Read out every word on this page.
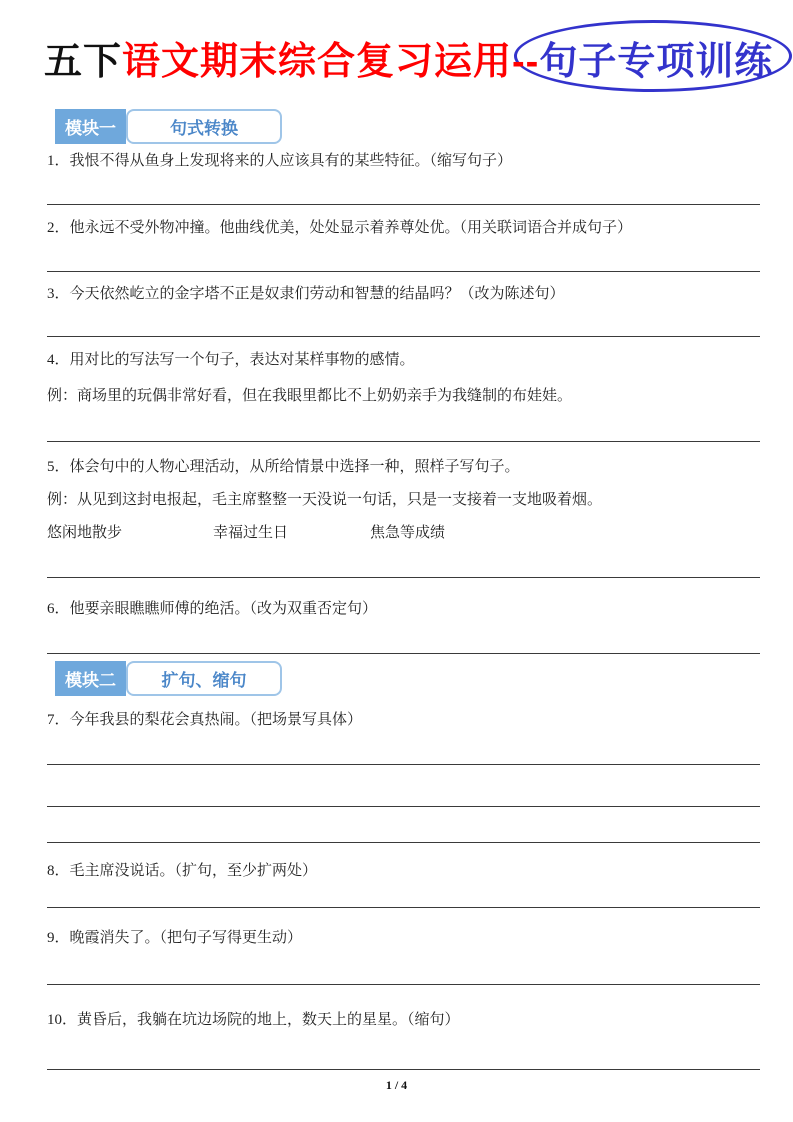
五下语文期末综合复习运用--句子专项训练
模块一	句式转换
1．我恨不得从鱼身上发现将来的人应该具有的某些特征。（缩写句子）
2．他永远不受外物冲撞。他曲线优美，处处显示着养尊处优。（用关联词语合并成句子）
3．今天依然屹立的金字塔不正是奴隶们劳动和智慧的结晶吗？（改为陈述句）
4．用对比的写法写一个句子，表达对某样事物的感情。
例：商场里的玩偶非常好看，但在我眼里都比不上奶奶亲手为我缝制的布娃娃。
5．体会句中的人物心理活动，从所给情景中选择一种，照样子写句子。
例：从见到这封电报起，毛主席整整一天没说一句话，只是一支接着一支地吸着烟。
悠闲地散步	幸福过生日	焦急等成绩
6．他要亲眼瞧瞧师傅的绝活。（改为双重否定句）
模块二	扩句、缩句
7．今年我县的梨花会真热闹。（把场景写具体）
8．毛主席没说话。（扩句，至少扩两处）
9．晚霞消失了。（把句子写得更生动）
10．黄昏后，我躺在坑边场院的地上，数天上的星星。（缩句）
1 / 4
